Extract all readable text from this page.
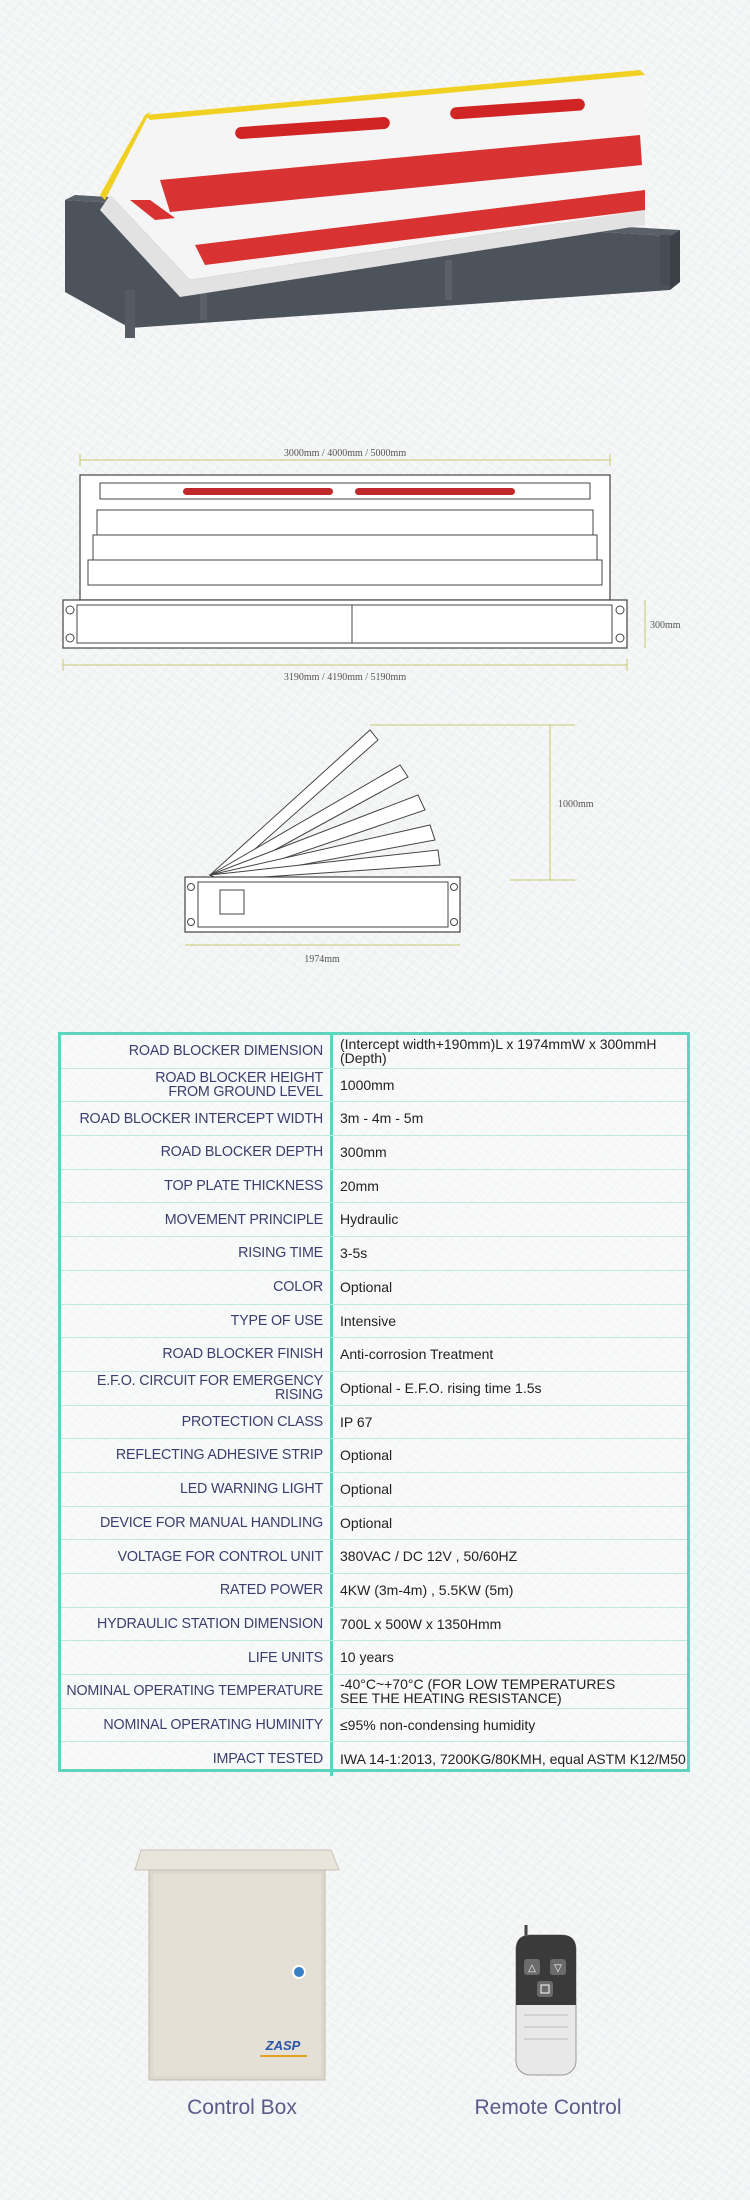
3000mm / 4000mm / 5000mm
3190mm / 4190mm / 5190mm
300mm
1000mm
1974mm
ROAD BLOCKER DIMENSION	(Intercept width+190mm)L x 1974mmW x 300mmH
(Depth)
ROAD BLOCKER HEIGHT
FROM GROUND LEVEL	1000mm
ROAD BLOCKER INTERCEPT WIDTH	3m - 4m - 5m
ROAD BLOCKER DEPTH	300mm
TOP PLATE THICKNESS	20mm
MOVEMENT PRINCIPLE	Hydraulic
RISING TIME	3-5s
COLOR	Optional
TYPE OF USE	Intensive
ROAD BLOCKER FINISH	Anti-corrosion Treatment
E.F.O. CIRCUIT FOR EMERGENCY RISING	Optional - E.F.O. rising time 1.5s
PROTECTION CLASS	IP 67
REFLECTING ADHESIVE STRIP	Optional
LED WARNING LIGHT	Optional
DEVICE FOR MANUAL HANDLING	Optional
VOLTAGE FOR CONTROL UNIT	380VAC / DC 12V , 50/60HZ
RATED POWER	4KW (3m-4m) , 5.5KW (5m)
HYDRAULIC STATION DIMENSION	700L x 500W x 1350Hmm
LIFE UNITS	10 years
NOMINAL OPERATING TEMPERATURE	-40°C~+70°C (FOR LOW TEMPERATURES
SEE THE HEATING RESISTANCE)
NOMINAL OPERATING HUMINITY	≤95% non-condensing humidity
IMPACT TESTED	IWA 14-1:2013, 7200KG/80KMH, equal ASTM K12/M50
ZASP
Control Box
△ ▽
Remote Control
